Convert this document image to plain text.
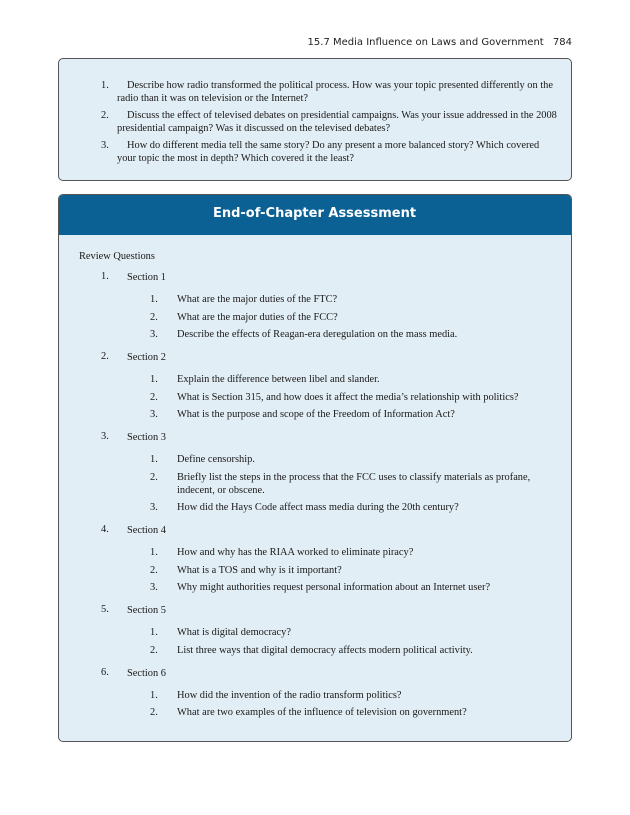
15.7 Media Influence on Laws and Government 784
1. Describe how radio transformed the political process. How was your topic presented differently on the radio than it was on television or the Internet?
2. Discuss the effect of televised debates on presidential campaigns. Was your issue addressed in the 2008 presidential campaign? Was it discussed on the televised debates?
3. How do different media tell the same story? Do any present a more balanced story? Which covered your topic the most in depth? Which covered it the least?
End-of-Chapter Assessment
Review Questions
1. Section 1
1. What are the major duties of the FTC?
2. What are the major duties of the FCC?
3. Describe the effects of Reagan-era deregulation on the mass media.
2. Section 2
1. Explain the difference between libel and slander.
2. What is Section 315, and how does it affect the media’s relationship with politics?
3. What is the purpose and scope of the Freedom of Information Act?
3. Section 3
1. Define censorship.
2. Briefly list the steps in the process that the FCC uses to classify materials as profane, indecent, or obscene.
3. How did the Hays Code affect mass media during the 20th century?
4. Section 4
1. How and why has the RIAA worked to eliminate piracy?
2. What is a TOS and why is it important?
3. Why might authorities request personal information about an Internet user?
5. Section 5
1. What is digital democracy?
2. List three ways that digital democracy affects modern political activity.
6. Section 6
1. How did the invention of the radio transform politics?
2. What are two examples of the influence of television on government?
